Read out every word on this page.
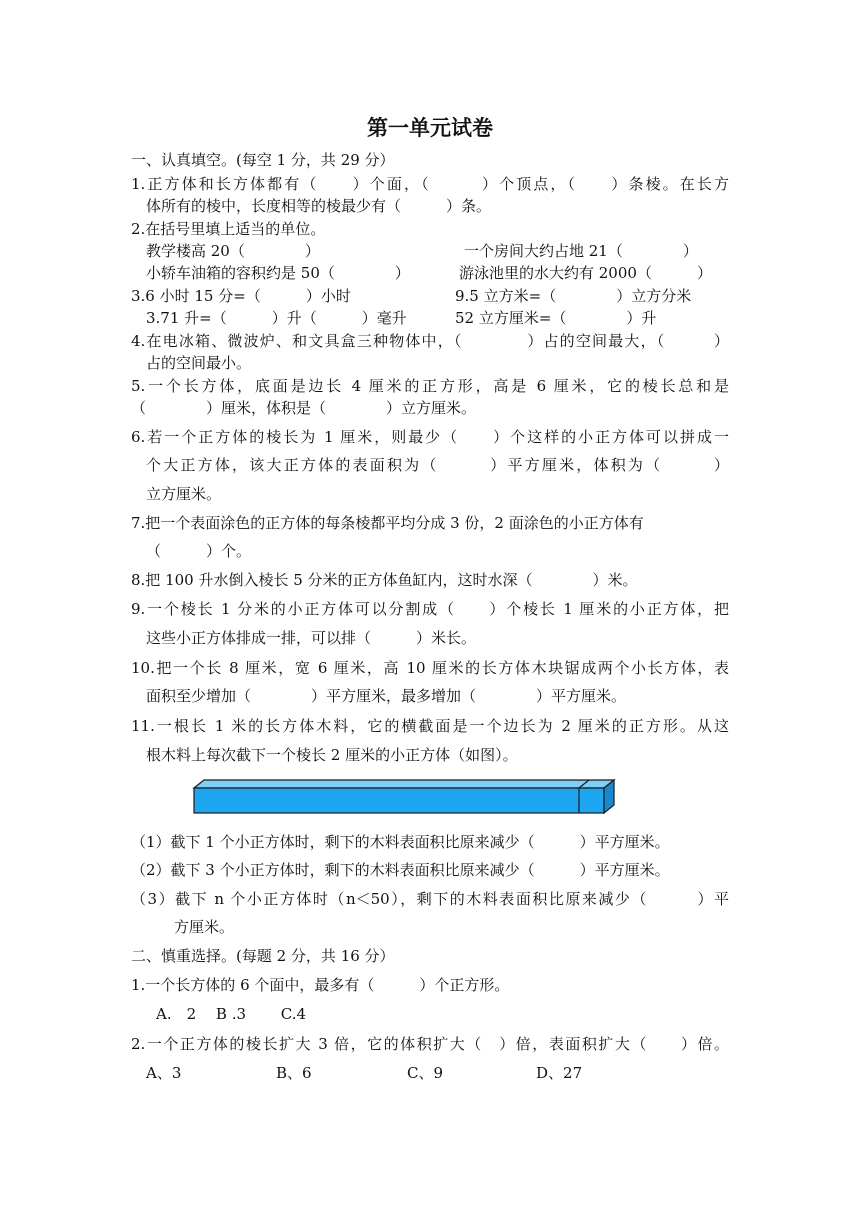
第一单元试卷
一、认真填空。(每空 1 分，共 29 分）
1.正方体和长方体都有（　　）个面，（　　　）个顶点，（　　）条棱。在长方
体所有的棱中，长度相等的棱最少有（　　　）条。
2.在括号里填上适当的单位。
教学楼高 20（　　　　）	一个房间大约占地 21（　　　　）
小轿车油箱的容积约是 50（　　　　）	游泳池里的水大约有 2000（　　　）
3.6 小时 15 分=（　　　）小时	9.5 立方米=（　　　　）立方分米
3.71 升=（　　　）升（　　　）毫升	52 立方厘米=（　　　　）升
4.在电冰箱、微波炉、和文具盒三种物体中，（　　　　）占的空间最大，（　　　）
占的空间最小。
5.一个长方体，底面是边长 4 厘米的正方形，高是 6 厘米，它的棱长总和是
（　　　　）厘米，体积是（　　　　）立方厘米。
6.若一个正方体的棱长为 1 厘米，则最少（　　）个这样的小正方体可以拼成一
个大正方体，该大正方体的表面积为（　　　）平方厘米，体积为（　　　）
立方厘米。
7.把一个表面涂色的正方体的每条棱都平均分成 3 份，2 面涂色的小正方体有
（　　　）个。
8.把 100 升水倒入棱长 5 分米的正方体鱼缸内，这时水深（　　　　）米。
9.一个棱长 1 分米的小正方体可以分割成（　　）个棱长 1 厘米的小正方体，把
这些小正方体排成一排，可以排（　　　）米长。
10.把一个长 8 厘米，宽 6 厘米，高 10 厘米的长方体木块锯成两个小长方体，表
面积至少增加（　　　　）平方厘米，最多增加（　　　　）平方厘米。
11.一根长 1 米的长方体木料，它的横截面是一个边长为 2 厘米的正方形。从这
根木料上每次截下一个棱长 2 厘米的小正方体（如图）。
（1）截下 1 个小正方体时，剩下的木料表面积比原来减少（　　　）平方厘米。
（2）截下 3 个小正方体时，剩下的木料表面积比原来减少（　　　）平方厘米。
（3）截下 n 个小正方体时（n＜50），剩下的木料表面积比原来减少（　　　）平
方厘米。
二、慎重选择。(每题 2 分，共 16 分）
1.一个长方体的 6 个面中，最多有（　　　）个正方形。
A.　2　 B .3　　 C.4
2.一个正方体的棱长扩大 3 倍，它的体积扩大（　）倍，表面积扩大（　　）倍。
A、3	B、6	C、9	D、27
